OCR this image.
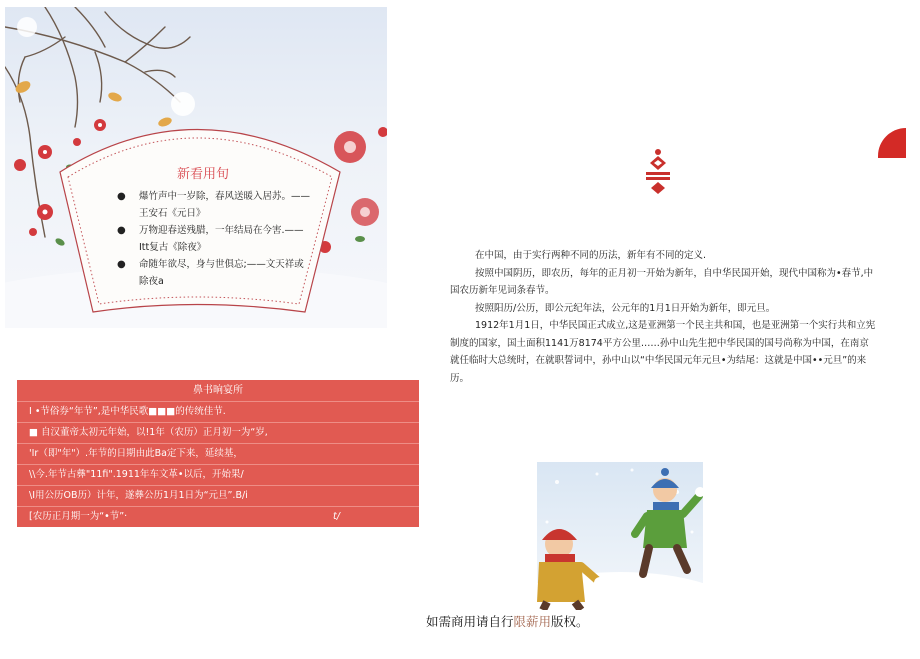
新看用旬
● 爆竹声中一岁除，春风送暖入居苏。——王安石《元日》
● 万物迎春送残腊，一年结局在今害.——Itt复古《除夜》
● 命随年欲尽，身与世俱忘;——文天祥或除夜a

在中国，由于实行两种不同的历法，新年有不同的定义.

按照中国阴历，即农历，每年的正月初一开始为新年，自中华民国开始，现代中国称为•春节,中国农历新年见词条春节。

按照阳历/公历，即公元纪年法，公元年的1月1日开始为新年，即元旦。

1912年1月1日，中华民国正式成立,这是亚洲第一个民主共和国，也是亚洲第一个实行共和立宪制度的国家，国土面积1141万8174平方公里……孙中山先生把中华民国的国号尚称为中国，在南京就任临时大总统时，在就职誓词中，孙中山以“中华民国元年元旦•为结尾：这就是中国••元旦”的来历。

鼻书晌宴所
I •节俗券“年节”,是中华民歌■■■的传统佳节.
■ 自汉董帝太初元年始，以!1年（农历）正月初一为“岁,
'Ir（即"年"）.年节的日期由此Ba定下来，延续基，
\\今.年节古彝"11fi".1911年车文革•以后，开始果/
\I用公历OB历）计年，遂彝公历1月1日为“元旦”.B/i
[农历正月期一为“•节”·	t/
如需商用请自行限薪用版权。
